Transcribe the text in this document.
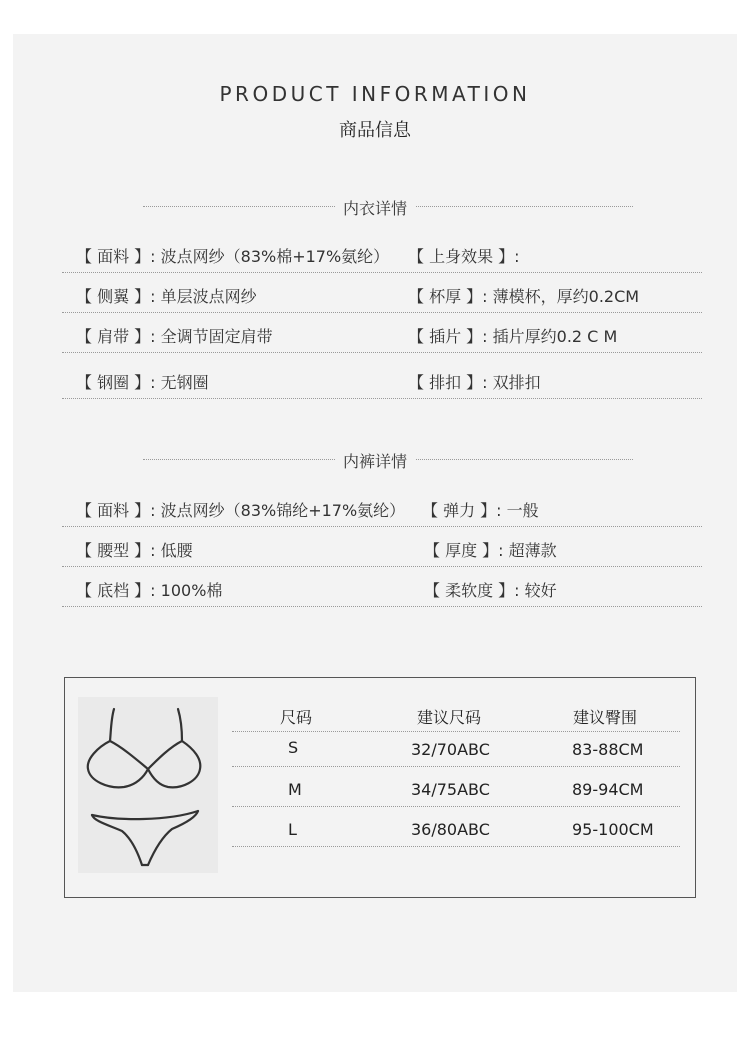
PRODUCT INFORMATION
商品信息
内衣详情
【 面料 】: 波点网纱（83%棉+17%氨纶） 【 上身效果 】:
【 侧翼 】: 单层波点网纱	【 杯厚 】: 薄模杯，厚约0.2CM
【 肩带 】: 全调节固定肩带	【 插片 】: 插片厚约0.2 C M
【 钢圈 】: 无钢圈	【 排扣 】: 双排扣
内裤详情
【 面料 】: 波点网纱（83%锦纶+17%氨纶） 【 弹力 】: 一般
【 腰型 】: 低腰	【 厚度 】: 超薄款
【 底档 】: 100%棉	【 柔软度 】: 较好
尺码	建议尺码	建议臀围
S	32/70ABC	83-88CM
M	34/75ABC	89-94CM
L	36/80ABC	95-100CM
